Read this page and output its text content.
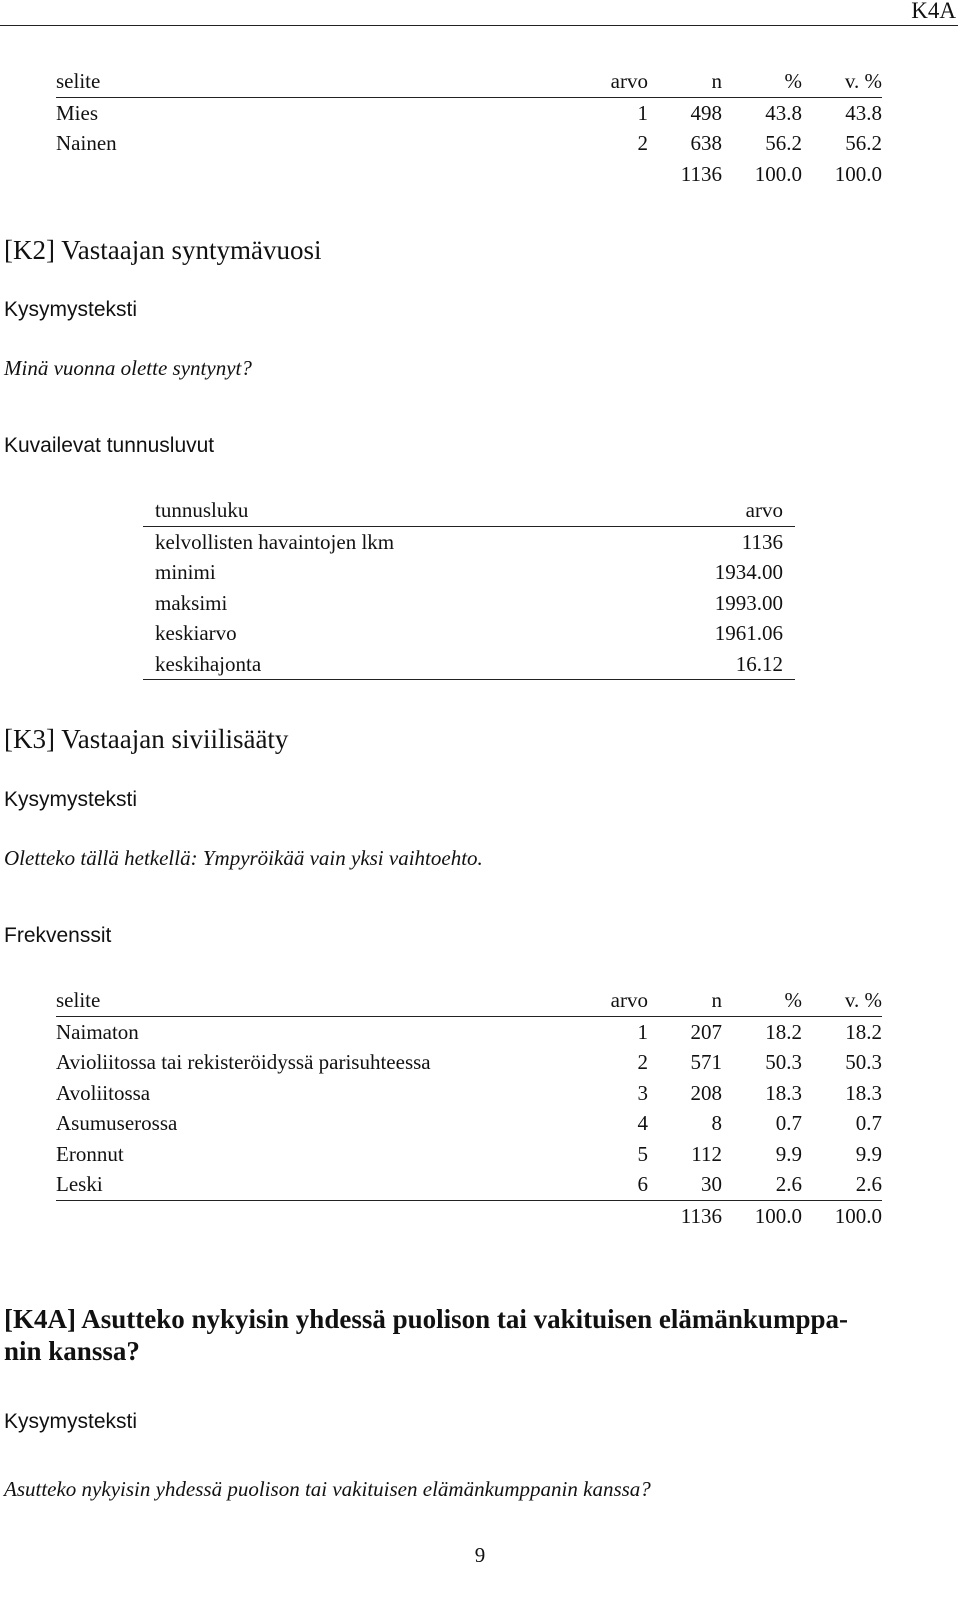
K4A
selite	arvo	n	%	v. %
Mies	1	498	43.8	43.8
Nainen	2	638	56.2	56.2
		1136	100.0	100.0
[K2] Vastaajan syntymävuosi

Kysymysteksti

Minä vuonna olette syntynyt?

Kuvailevat tunnusluvut

	tunnusluku	arvo	
	kelvollisten havaintojen lkm	1136	
	minimi	1934.00	
	maksimi	1993.00	
	keskiarvo	1961.06	
	keskihajonta	16.12	
[K3] Vastaajan siviilisääty

Kysymysteksti

Oletteko tällä hetkellä: Ympyröikää vain yksi vaihtoehto.

Frekvenssit

selite	arvo	n	%	v. %
Naimaton	1	207	18.2	18.2
Avioliitossa tai rekisteröidyssä parisuhteessa	2	571	50.3	50.3
Avoliitossa	3	208	18.3	18.3
Asumuserossa	4	8	0.7	0.7
Eronnut	5	112	9.9	9.9
Leski	6	30	2.6	2.6
		1136	100.0	100.0
[K4A] Asutteko nykyisin yhdessä puolison tai vakituisen elämänkumppa-
nin kanssa?

Kysymysteksti

Asutteko nykyisin yhdessä puolison tai vakituisen elämänkumppanin kanssa?

9
